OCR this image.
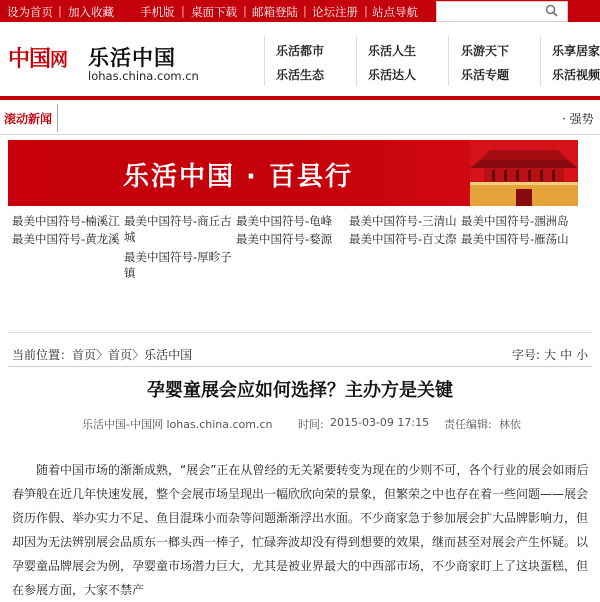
设为首页 | 加入收藏 手机版 | 桌面下载 | 邮箱登陆 | 论坛注册 | 站点导航
中国网 乐活中国
lohas.china.com.cn
乐活都市
乐活生态
乐活人生
乐活达人
乐游天下
乐活专题
乐享居家
乐活视频
滚动新闻	· 强势
乐活中国 · 百县行
最美中国符号-楠溪江
最美中国符号-黄龙溪
最美中国符号-商丘古城
最美中国符号-厚畛子镇
最美中国符号-龟峰
最美中国符号-婺源
最美中国符号-三清山
最美中国符号-百丈漈
最美中国符号-涠洲岛
最美中国符号-雁荡山
当前位置：首页〉首页〉乐活中国	字号: 大 中 小
孕婴童展会应如何选择？主办方是关键
乐活中国-中国网 lohas.china.com.cn 时间: 2015-03-09 17:15 责任编辑: 林依

　　随着中国市场的渐渐成熟，“展会”正在从曾经的无关紧要转变为现在的少则不可，各个行业的展会如雨后春笋般在近几年快速发展，整个会展市场呈现出一幅欣欣向荣的景象，但繁荣之中也存在着一些问题——展会资历作假、举办实力不足、鱼目混珠小而杂等问题渐渐浮出水面。不少商家急于参加展会扩大品牌影响力，但却因为无法辨别展会品质东一榔头西一棒子，忙碌奔波却没有得到想要的效果，继而甚至对展会产生怀疑。以孕婴童品牌展会为例，孕婴童市场潜力巨大，尤其是被业界最大的中西部市场，不少商家盯上了这块蛋糕，但在参展方面，大家不禁产
